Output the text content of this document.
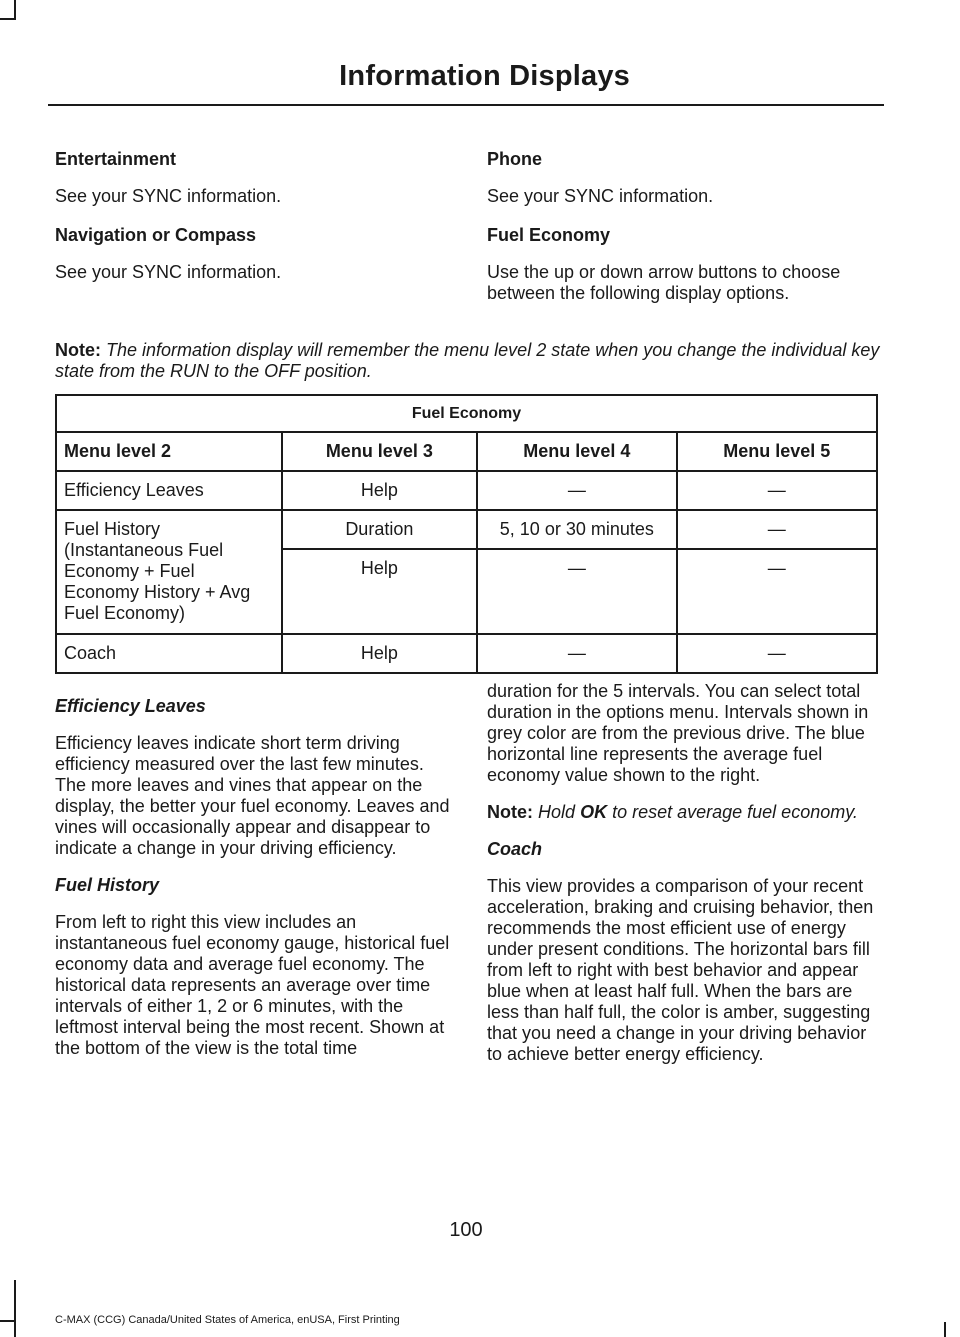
Information Displays

Entertainment

See your SYNC information.

Navigation or Compass

See your SYNC information.

Phone

See your SYNC information.

Fuel Economy

Use the up or down arrow buttons to choose between the following display options.

Note: The information display will remember the menu level 2 state when you change the individual key state from the RUN to the OFF position.

Fuel Economy			
Menu level 2	Menu level 3	Menu level 4	Menu level 5
Efficiency Leaves	Help	—	—
Fuel History (Instantaneous Fuel Economy + Fuel Economy History + Avg Fuel Economy)	Duration	5, 10 or 30 minutes	—
	Help	—	—
Coach	Help	—	—

Efficiency Leaves

Efficiency leaves indicate short term driving efficiency measured over the last few minutes. The more leaves and vines that appear on the display, the better your fuel economy. Leaves and vines will occasionally appear and disappear to indicate a change in your driving efficiency.

Fuel History

From left to right this view includes an instantaneous fuel economy gauge, historical fuel economy data and average fuel economy. The historical data represents an average over time intervals of either 1, 2 or 6 minutes, with the leftmost interval being the most recent. Shown at the bottom of the view is the total time

duration for the 5 intervals. You can select total duration in the options menu. Intervals shown in grey color are from the previous drive. The blue horizontal line represents the average fuel economy value shown to the right.

Note: Hold OK to reset average fuel economy.

Coach

This view provides a comparison of your recent acceleration, braking and cruising behavior, then recommends the most efficient use of energy under present conditions. The horizontal bars fill from left to right with best behavior and appear blue when at least half full. When the bars are less than half full, the color is amber, suggesting that you need a change in your driving behavior to achieve better energy efficiency.

100

C-MAX (CCG) Canada/United States of America, enUSA, First Printing
